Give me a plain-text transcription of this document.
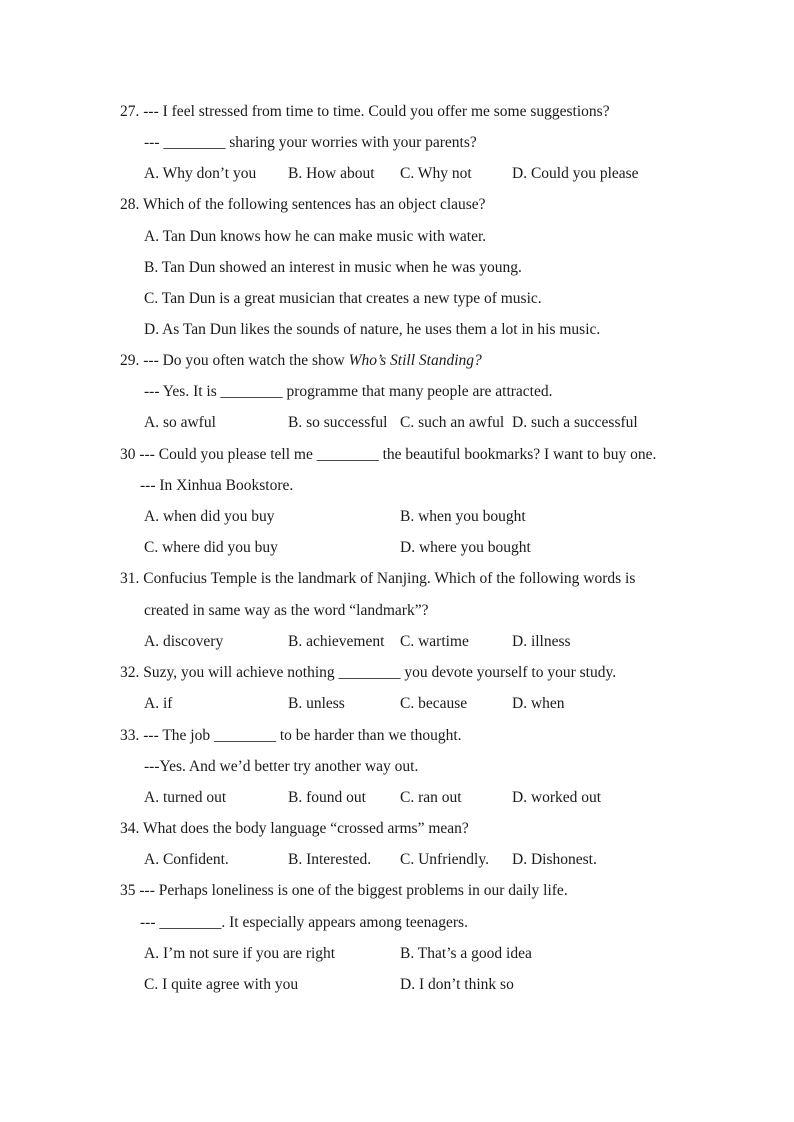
27. --- I feel stressed from time to time. Could you offer me some suggestions?
--- ________ sharing your worries with your parents?
A. Why don’t you B. How about C. Why not	D. Could you please
28. Which of the following sentences has an object clause?
A. Tan Dun knows how he can make music with water.
B. Tan Dun showed an interest in music when he was young.
C. Tan Dun is a great musician that creates a new type of music.
D. As Tan Dun likes the sounds of nature, he uses them a lot in his music.
29. --- Do you often watch the show Who’s Still Standing?
--- Yes. It is ________ programme that many people are attracted.
A. so awful	B. so successful C. such an awful D. such a successful
30 --- Could you please tell me ________ the beautiful bookmarks? I want to buy one.
--- In Xinhua Bookstore.
A. when did you buy	B. when you bought
C. where did you buy	D. where you bought
31. Confucius Temple is the landmark of Nanjing. Which of the following words is
created in same way as the word “landmark”?
A. discovery	B. achievement C. wartime	D. illness
32. Suzy, you will achieve nothing ________ you devote yourself to your study.
A. if	B. unless	C. because	D. when
33. --- The job ________ to be harder than we thought.
---Yes. And we’d better try another way out.
A. turned out	B. found out C. ran out	D. worked out
34. What does the body language “crossed arms” mean?
A. Confident.	B. Interested. C. Unfriendly. D. Dishonest.
35 --- Perhaps loneliness is one of the biggest problems in our daily life.
--- ________. It especially appears among teenagers.
A. I’m not sure if you are right	B. That’s a good idea
C. I quite agree with you	D. I don’t think so
